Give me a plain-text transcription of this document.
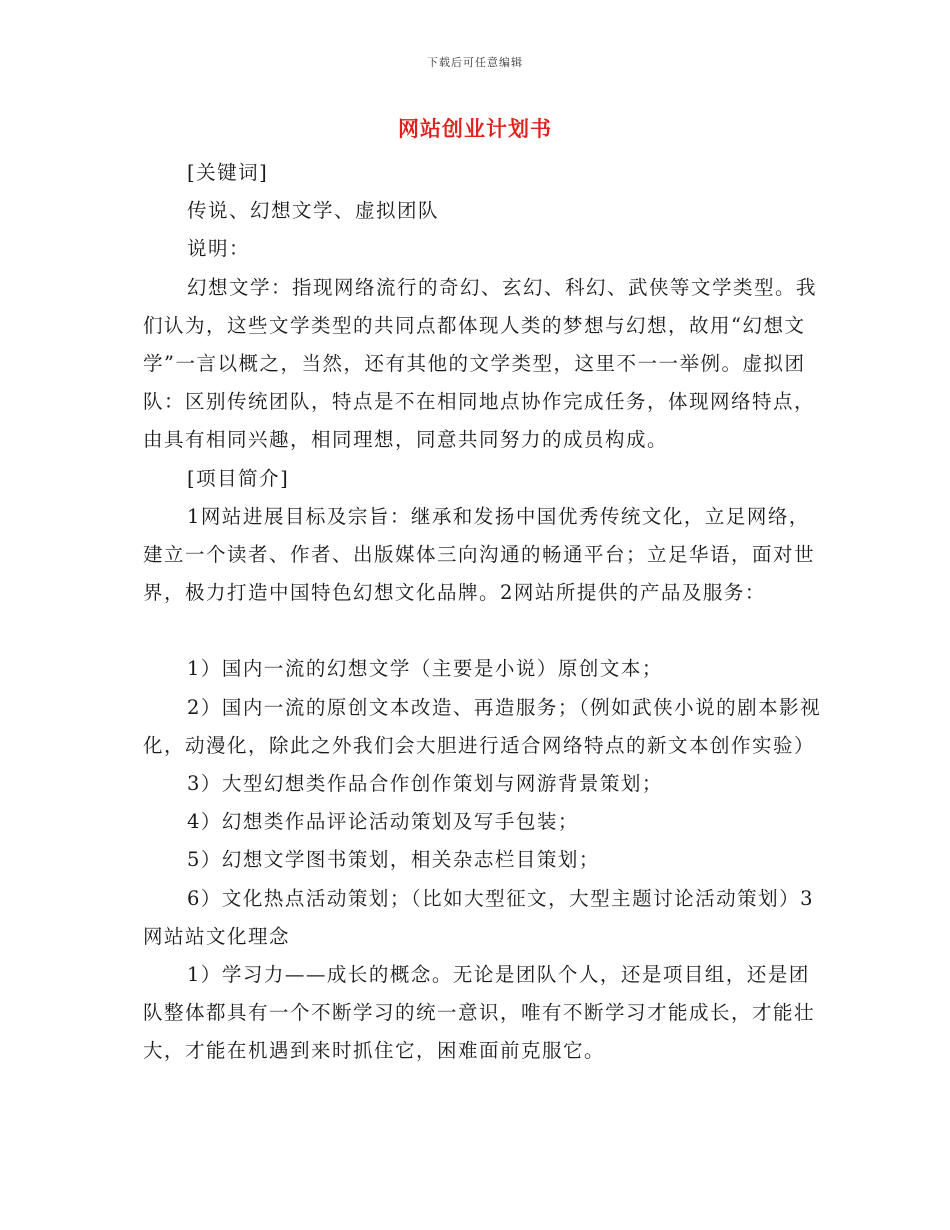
下载后可任意编辑
网站创业计划书

[关键词]

传说、幻想文学、虚拟团队

说明：

幻想文学：指现网络流行的奇幻、玄幻、科幻、武侠等文学类型。我们认为，这些文学类型的共同点都体现人类的梦想与幻想，故用“幻想文学”一言以概之，当然，还有其他的文学类型，这里不一一举例。虚拟团队：区别传统团队，特点是不在相同地点协作完成任务，体现网络特点，由具有相同兴趣，相同理想，同意共同努力的成员构成。

[项目简介]

1网站进展目标及宗旨：继承和发扬中国优秀传统文化，立足网络，建立一个读者、作者、出版媒体三向沟通的畅通平台；立足华语，面对世界，极力打造中国特色幻想文化品牌。2网站所提供的产品及服务：

1）国内一流的幻想文学（主要是小说）原创文本；

2）国内一流的原创文本改造、再造服务；（例如武侠小说的剧本影视化，动漫化，除此之外我们会大胆进行适合网络特点的新文本创作实验）

3）大型幻想类作品合作创作策划与网游背景策划；

4）幻想类作品评论活动策划及写手包装；

5）幻想文学图书策划，相关杂志栏目策划；

6）文化热点活动策划；（比如大型征文，大型主题讨论活动策划）3网站站文化理念

1）学习力——成长的概念。无论是团队个人，还是项目组，还是团队整体都具有一个不断学习的统一意识，唯有不断学习才能成长，才能壮大，才能在机遇到来时抓住它，困难面前克服它。
